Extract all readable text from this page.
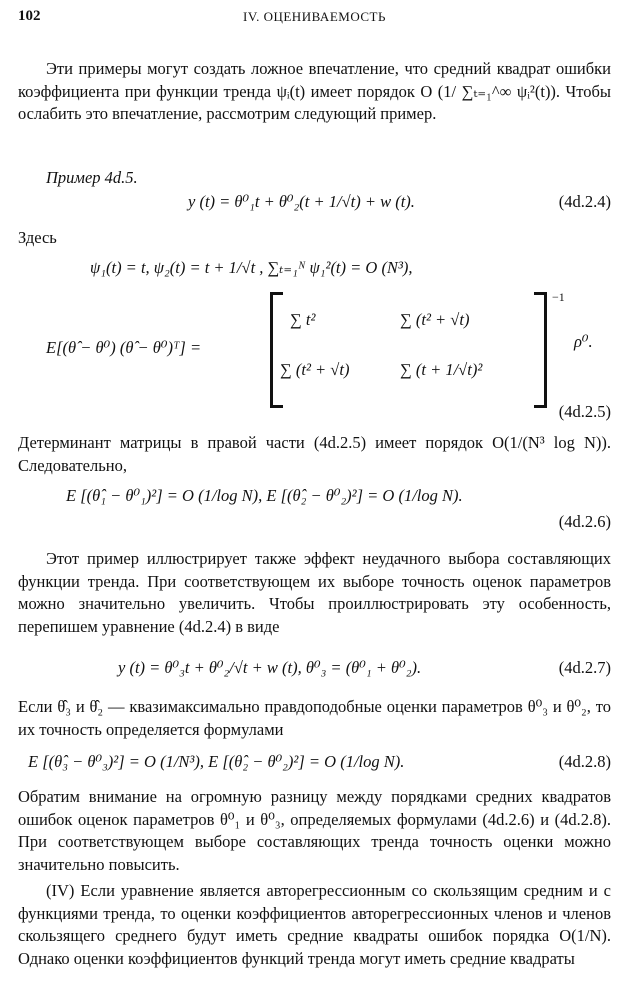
102	IV. ОЦЕНИВАЕМОСТЬ

Эти примеры могут создать ложное впечатление, что средний квадрат ошибки коэффициента при функции тренда ψᵢ(t) имеет порядок O (1/ ∑ₜ₌₁^∞ ψᵢ²(t)). Чтобы ослабить это впечатление, рассмотрим следующий пример.

Пример 4d.5.
y (t) = θ⁰₁t + θ⁰₂(t + 1/√t) + w (t).	(4d.2.4)
Здесь
ψ₁(t) = t, ψ₂(t) = t + 1/√t , ∑ₜ₌₁ᴺ ψ₁²(t) = O (N³),
E[(θ̂ − θ⁰) (θ̂ − θ⁰)ᵀ] =
∑ t²	∑ (t² + √t)
∑ (t² + √t)	∑ (t + 1/√t)²
−1
ρ⁰.
(4d.2.5)

Детерминант матрицы в правой части (4d.2.5) имеет порядок O(1/(N³ log N)). Следовательно,

E [(θ̂₁ − θ⁰₁)²] = O (1/log N), E [(θ̂₂ − θ⁰₂)²] = O (1/log N).
(4d.2.6)

Этот пример иллюстрирует также эффект неудачного выбора составляющих функции тренда. При соответствующем их выборе точность оценок параметров можно значительно увеличить. Чтобы проиллюстрировать эту особенность, перепишем уравнение (4d.2.4) в виде

y (t) = θ⁰₃t + θ⁰₂/√t + w (t), θ⁰₃ = (θ⁰₁ + θ⁰₂).	(4d.2.7)

Если θ̂₃ и θ̂₂ — квазимаксимально правдоподобные оценки параметров θ⁰₃ и θ⁰₂, то их точность определяется формулами

E [(θ̂₃ − θ⁰₃)²] = O (1/N³), E [(θ̂₂ − θ⁰₂)²] = O (1/log N).	(4d.2.8)

Обратим внимание на огромную разницу между порядками средних квадратов ошибок оценок параметров θ⁰₁ и θ⁰₃, определяемых формулами (4d.2.6) и (4d.2.8). При соответствующем выборе составляющих тренда точность оценки можно значительно повысить.

(IV) Если уравнение является авторегрессионным со скользящим средним и с функциями тренда, то оценки коэффициентов авторегрессионных членов и членов скользящего среднего будут иметь средние квадраты ошибок порядка O(1/N). Однако оценки коэффициентов функций тренда могут иметь средние квадраты
